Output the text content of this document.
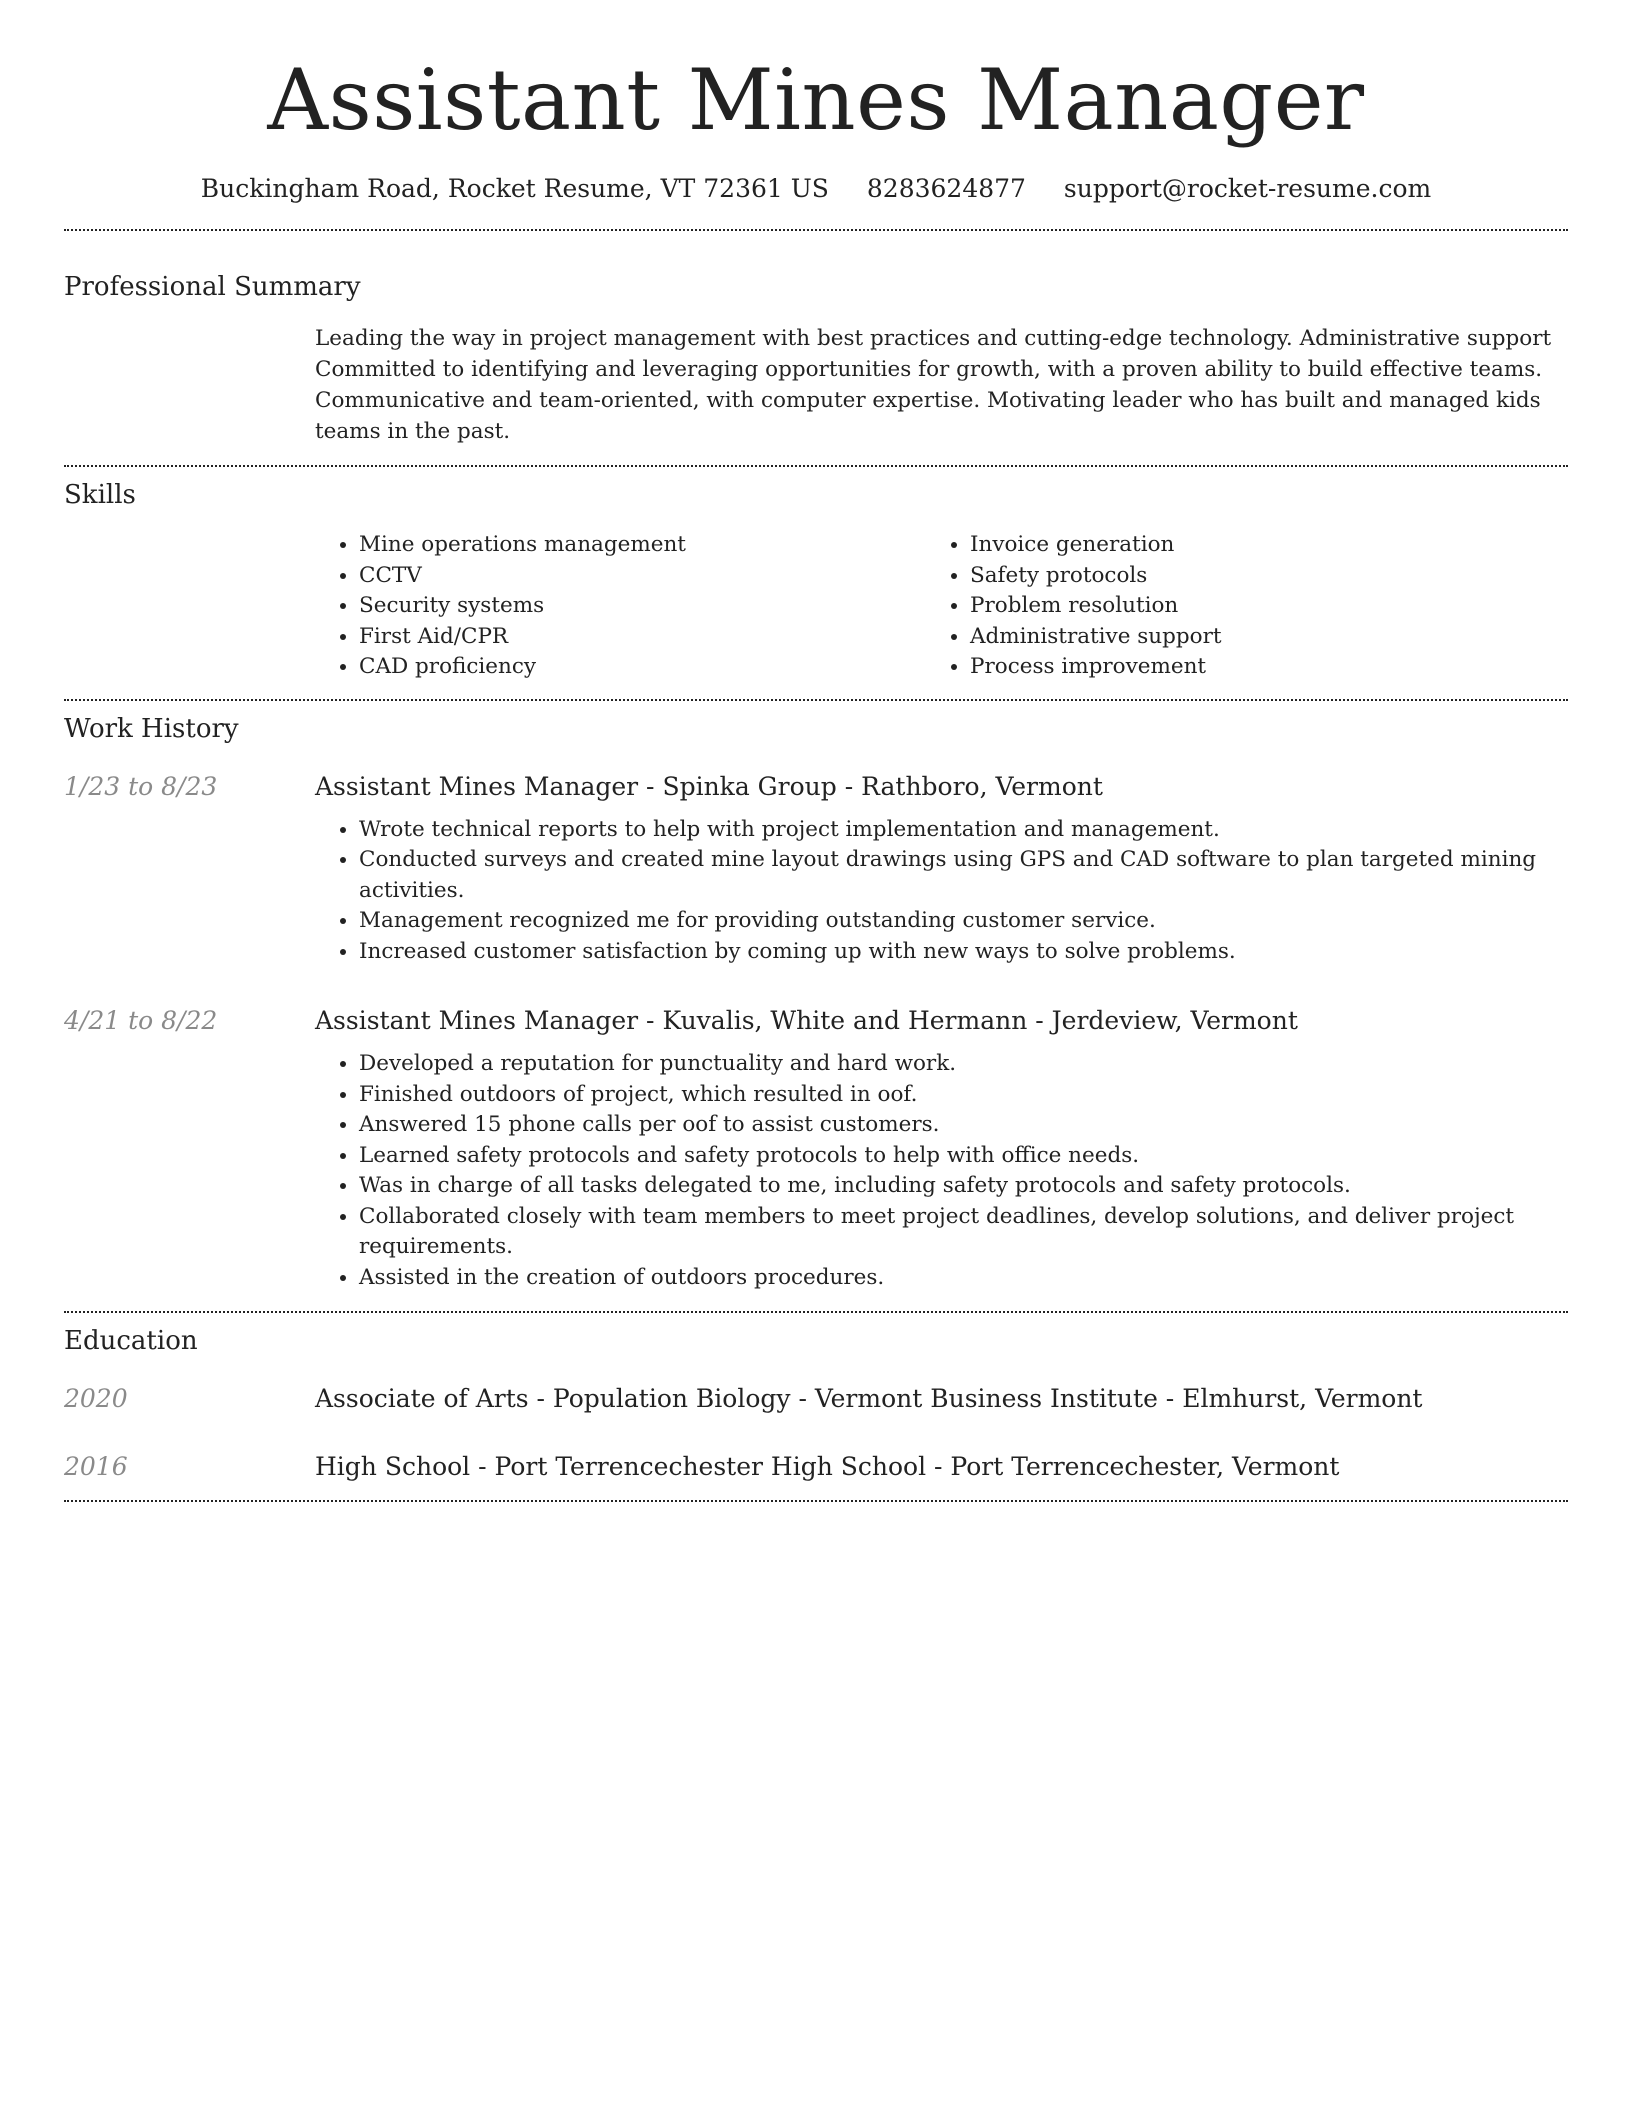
Assistant Mines Manager
Buckingham Road, Rocket Resume, VT 72361 US 8283624877 support@rocket-resume.com
Professional Summary

Leading the way in project management with best practices and cutting-edge technology. Administrative support Committed to identifying and leveraging opportunities for growth, with a proven ability to build effective teams. Communicative and team-oriented, with computer expertise. Motivating leader who has built and managed kids teams in the past.

Skills
• Mine operations management
• CCTV
• Security systems
• First Aid/CPR
• CAD proficiency
• Invoice generation
• Safety protocols
• Problem resolution
• Administrative support
• Process improvement
Work History
1/23 to 8/23	Assistant Mines Manager - Spinka Group - Rathboro, Vermont

• Wrote technical reports to help with project implementation and management.
• Conducted surveys and created mine layout drawings using GPS and CAD software to plan targeted mining activities.
• Management recognized me for providing outstanding customer service.
• Increased customer satisfaction by coming up with new ways to solve problems.
4/21 to 8/22	Assistant Mines Manager - Kuvalis, White and Hermann - Jerdeview, Vermont

• Developed a reputation for punctuality and hard work.
• Finished outdoors of project, which resulted in oof.
• Answered 15 phone calls per oof to assist customers.
• Learned safety protocols and safety protocols to help with office needs.
• Was in charge of all tasks delegated to me, including safety protocols and safety protocols.
• Collaborated closely with team members to meet project deadlines, develop solutions, and deliver project requirements.
• Assisted in the creation of outdoors procedures.
Education
2020	Associate of Arts - Population Biology - Vermont Business Institute - Elmhurst, Vermont

2016	High School - Port Terrencechester High School - Port Terrencechester, Vermont
